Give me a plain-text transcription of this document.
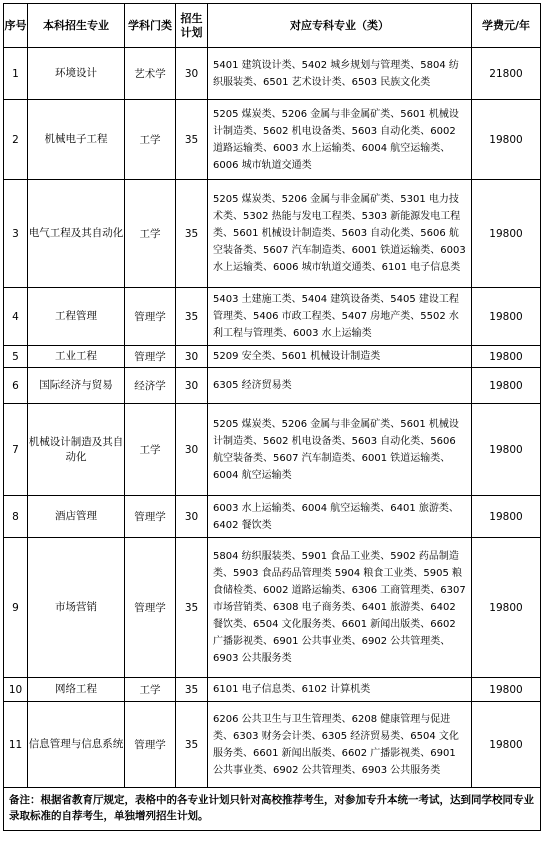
序号	本科招生专业	学科门类	招生计划	对应专科专业（类）	学费元/年
1	环境设计	艺术学	30	5401 建筑设计类、5402 城乡规划与管理类、5804 纺织服装类、6501 艺术设计类、6503 民族文化类	21800
2	机械电子工程	工学	35	5205 煤炭类、5206 金属与非金属矿类、5601 机械设计制造类、5602 机电设备类、5603 自动化类、6002 道路运输类、6003 水上运输类、6004 航空运输类、6006 城市轨道交通类	19800
3	电气工程及其自动化	工学	35	5205 煤炭类、5206 金属与非金属矿类、5301 电力技术类、5302 热能与发电工程类、5303 新能源发电工程类、5601 机械设计制造类、5603 自动化类、5606 航空装备类、5607 汽车制造类、6001 铁道运输类、6003 水上运输类、6006 城市轨道交通类、6101 电子信息类	19800
4	工程管理	管理学	35	5403 土建施工类、5404 建筑设备类、5405 建设工程管理类、5406 市政工程类、5407 房地产类、5502 水利工程与管理类、6003 水上运输类	19800
5	工业工程	管理学	30	5209 安全类、5601 机械设计制造类	19800
6	国际经济与贸易	经济学	30	6305 经济贸易类	19800
7	机械设计制造及其自动化	工学	30	5205 煤炭类、5206 金属与非金属矿类、5601 机械设计制造类、5602 机电设备类、5603 自动化类、5606 航空装备类、5607 汽车制造类、6001 铁道运输类、6004 航空运输类	19800
8	酒店管理	管理学	30	6003 水上运输类、6004 航空运输类、6401 旅游类、6402 餐饮类	19800
9	市场营销	管理学	35	5804 纺织服装类、5901 食品工业类、5902 药品制造类、5903 食品药品管理类 5904 粮食工业类、5905 粮食储检类、6002 道路运输类、6306 工商管理类、6307 市场营销类、6308 电子商务类、6401 旅游类、6402 餐饮类、6504 文化服务类、6601 新闻出版类、6602 广播影视类、6901 公共事业类、6902 公共管理类、6903 公共服务类	19800
10	网络工程	工学	35	6101 电子信息类、6102 计算机类	19800
11	信息管理与信息系统	管理学	35	6206 公共卫生与卫生管理类、6208 健康管理与促进类、6303 财务会计类、6305 经济贸易类、6504 文化服务类、6601 新闻出版类、6602 广播影视类、6901 公共事业类、6902 公共管理类、6903 公共服务类	19800
备注：根据省教育厅规定，表格中的各专业计划只针对高校推荐考生，对参加专升本统一考试，达到同学校同专业录取标准的自荐考生，单独增列招生计划。					
